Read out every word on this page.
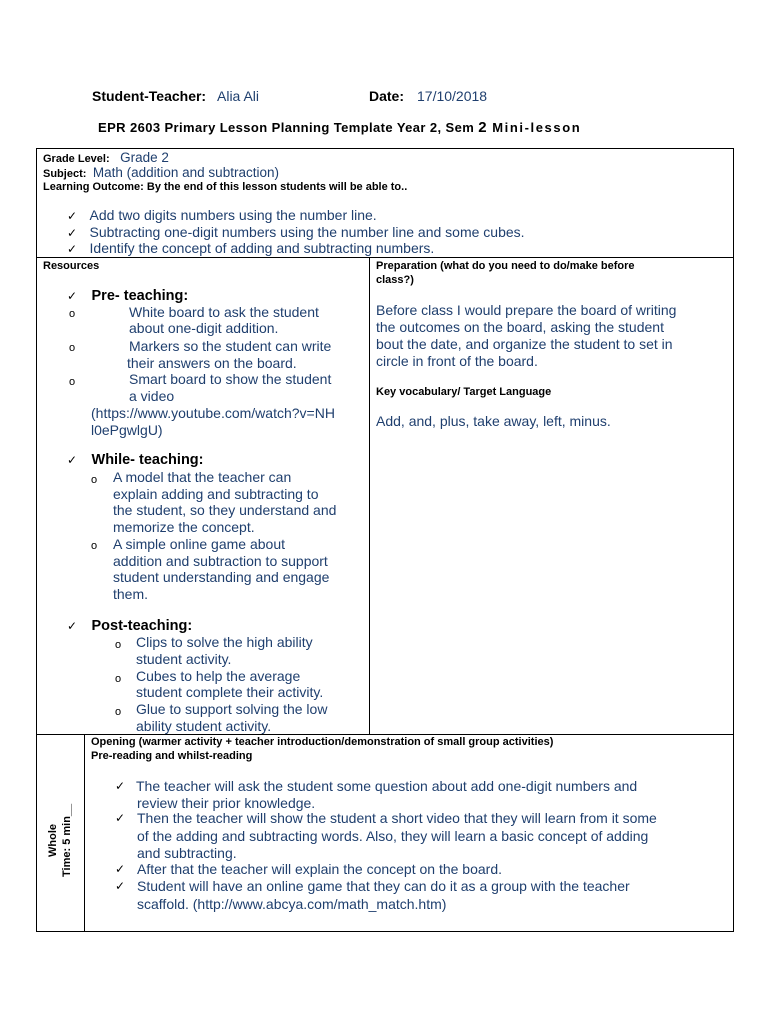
Student-Teacher: Alia Ali	Date: 17/10/2018
EPR 2603 Primary Lesson Planning Template Year 2, Sem 2 Mini-lesson
Grade Level: Grade 2
Subject: Math (addition and subtraction)
Learning Outcome: By the end of this lesson students will be able to..
✓ Add two digits numbers using the number line.
✓ Subtracting one-digit numbers using the number line and some cubes.
✓ Identify the concept of adding and subtracting numbers.
Resources
✓ Pre- teaching:
o	White board to ask the student
about one-digit addition.
o	Markers so the student can write
their answers on the board.
o	Smart board to show the student
a video
(https://www.youtube.com/watch?v=NH
l0ePgwlgU)
✓ While- teaching:
o A model that the teacher can
explain adding and subtracting to
the student, so they understand and
memorize the concept.
o A simple online game about
addition and subtraction to support
student understanding and engage
them.
✓ Post-teaching:
o Clips to solve the high ability
student activity.
o Cubes to help the average
student complete their activity.
o Glue to support solving the low
ability student activity.
Preparation (what do you need to do/make before
class?)
Before class I would prepare the board of writing
the outcomes on the board, asking the student
bout the date, and organize the student to set in
circle in front of the board.
Key vocabulary/ Target Language
Add, and, plus, take away, left, minus.
Whole Time: 5 min__
Opening (warmer activity + teacher introduction/demonstration of small group activities)
Pre-reading and whilst-reading
✓ The teacher will ask the student some question about add one-digit numbers and
review their prior knowledge.
✓ Then the teacher will show the student a short video that they will learn from it some
of the adding and subtracting words. Also, they will learn a basic concept of adding
and subtracting.
✓ After that the teacher will explain the concept on the board.
✓ Student will have an online game that they can do it as a group with the teacher
scaffold. (http://www.abcya.com/math_match.htm)
